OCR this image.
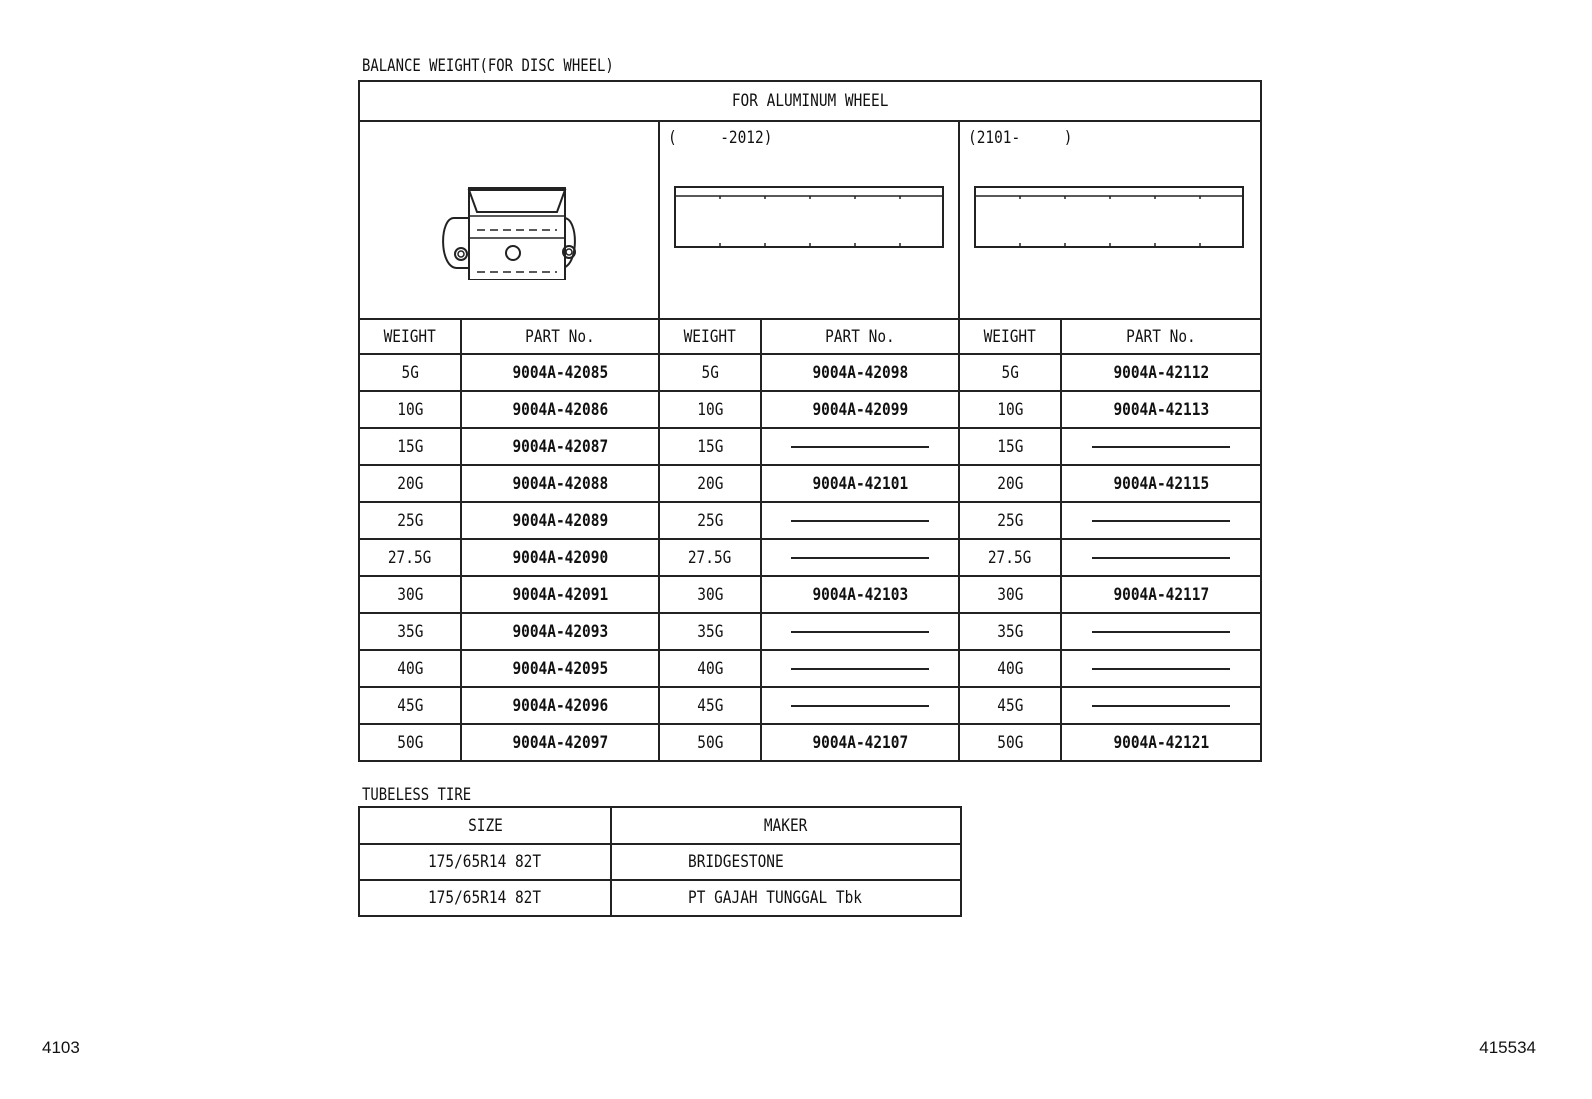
BALANCE WEIGHT(FOR DISC WHEEL)
FOR ALUMINUM WHEEL					

(     -2012)		(2101-     )	

WEIGHT	PART No.	WEIGHT	PART No.	WEIGHT	PART No.
5G	9004A-42085	5G	9004A-42098	5G	9004A-42112
10G	9004A-42086	10G	9004A-42099	10G	9004A-42113
15G	9004A-42087	15G		15G	
20G	9004A-42088	20G	9004A-42101	20G	9004A-42115
25G	9004A-42089	25G		25G	
27.5G	9004A-42090	27.5G		27.5G	
30G	9004A-42091	30G	9004A-42103	30G	9004A-42117
35G	9004A-42093	35G		35G	
40G	9004A-42095	40G		40G	
45G	9004A-42096	45G		45G	
50G	9004A-42097	50G	9004A-42107	50G	9004A-42121
TUBELESS TIRE
SIZE	MAKER
175/65R14 82T	BRIDGESTONE
175/65R14 82T	PT GAJAH TUNGGAL Tbk
4103	415534
